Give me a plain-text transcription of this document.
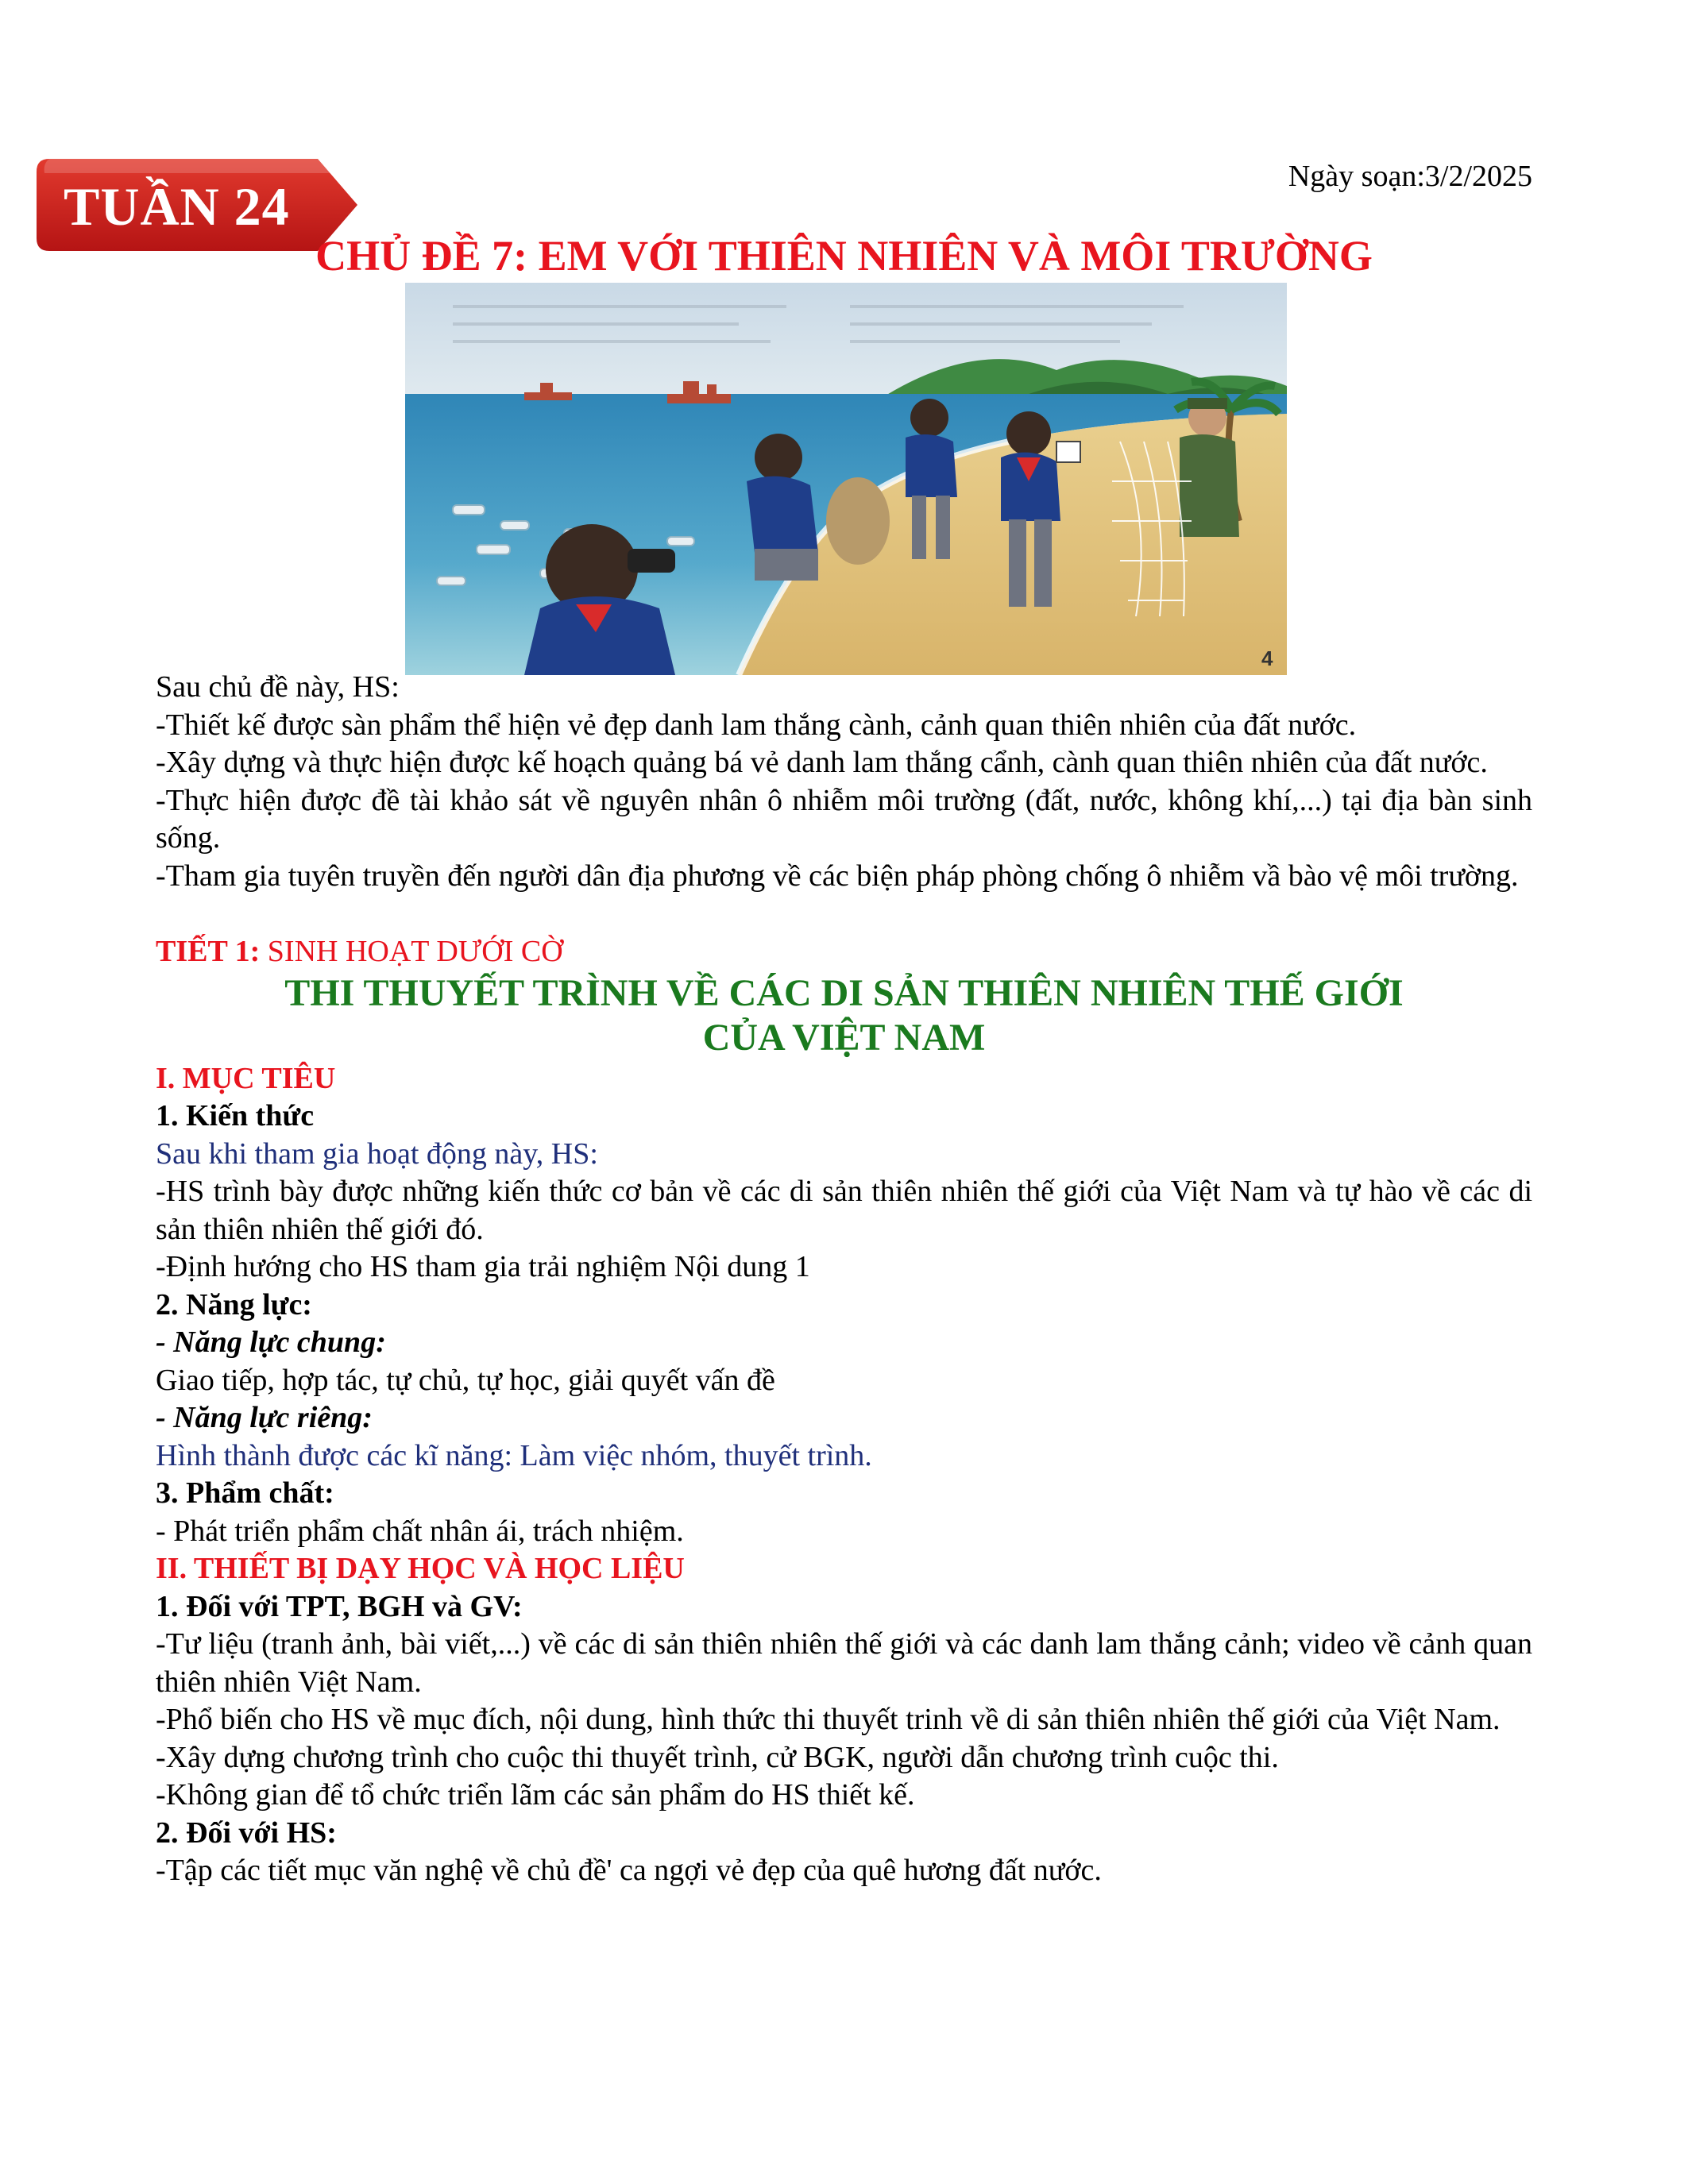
TUẦN 24	Ngày soạn:3/2/2025
CHỦ ĐỀ 7: EM VỚI THIÊN NHIÊN VÀ MÔI TRƯỜNG
4

Sau chủ đề này, HS:

-Thiết kế được sàn phẩm thể hiện vẻ đẹp danh lam thắng cành, cảnh quan thiên nhiên của đất nước.

-Xây dựng và thực hiện được kế hoạch quảng bá vẻ danh lam thắng cẩnh, cành quan thiên nhiên của đất nước.

-Thực hiện được đề tài khảo sát về nguyên nhân ô nhiễm môi trường (đất, nước, không khí,...) tại địa bàn sinh sống.

-Tham gia tuyên truyền đến người dân địa phương về các biện pháp phòng chống ô nhiễm vầ bào vệ môi trường.

TIẾT 1: SINH HOẠT DƯỚI CỜ

THI THUYẾT TRÌNH VỀ CÁC DI SẢN THIÊN NHIÊN THẾ GIỚI

CỦA VIỆT NAM

I. MỤC TIÊU

1. Kiến thức

Sau khi tham gia hoạt động này, HS:

-HS trình bày được những kiến thức cơ bản về các di sản thiên nhiên thế giới của Việt Nam và tự hào về các di sản thiên nhiên thế giới đó.

-Định hướng cho HS tham gia trải nghiệm Nội dung 1

2. Năng lực:

- Năng lực chung:

Giao tiếp, hợp tác, tự chủ, tự học, giải quyết vấn đề

- Năng lực riêng:

Hình thành được các kĩ năng: Làm việc nhóm, thuyết trình.

3. Phẩm chất:

- Phát triển phẩm chất nhân ái, trách nhiệm.

II. THIẾT BỊ DẠY HỌC VÀ HỌC LIỆU

1. Đối với TPT, BGH và GV:

-Tư liệu (tranh ảnh, bài viết,...) về các di sản thiên nhiên thế giới và các danh lam thắng cảnh; video về cảnh quan thiên nhiên Việt Nam.

-Phổ biến cho HS về mục đích, nội dung, hình thức thi thuyết trinh về di sản thiên nhiên thế giới của Việt Nam.

-Xây dựng chương trình cho cuộc thi thuyết trình, cử BGK, người dẫn chương trình cuộc thi.

-Không gian để tổ chức triển lãm các sản phẩm do HS thiết kế.

2. Đối với HS:

-Tập các tiết mục văn nghệ về chủ đề' ca ngợi vẻ đẹp của quê hương đất nước.
